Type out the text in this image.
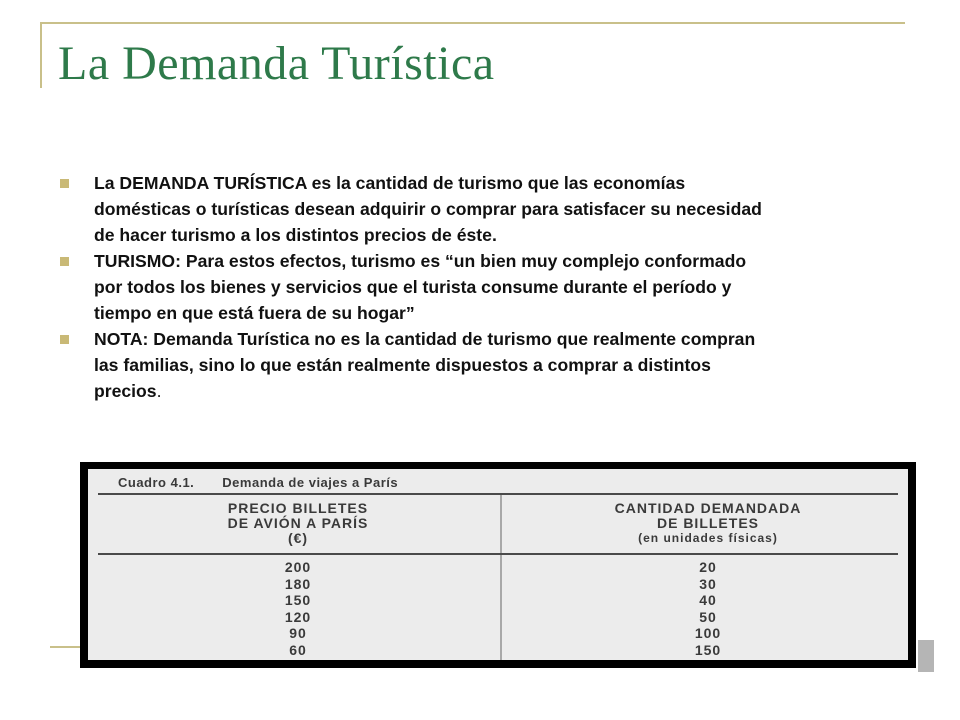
La Demanda Turística
La DEMANDA TURÍSTICA es la cantidad de turismo que las economías domésticas o turísticas desean adquirir o comprar para satisfacer su necesidad de hacer turismo a los distintos precios de éste.
TURISMO: Para estos efectos, turismo es “un bien muy complejo conformado por todos los bienes y servicios que el turista consume durante el período y tiempo en que está fuera de su hogar”
NOTA: Demanda Turística no es la cantidad de turismo que realmente compran las familias, sino lo que están realmente dispuestos a comprar a distintos precios.
Cuadro 4.1. Demanda de viajes a París
PRECIO BILLETES
DE AVIÓN A PARÍS
(€)
CANTIDAD DEMANDADA
DE BILLETES
(en unidades físicas)
200
180
150
120
90
60
20
30
40
50
100
150
